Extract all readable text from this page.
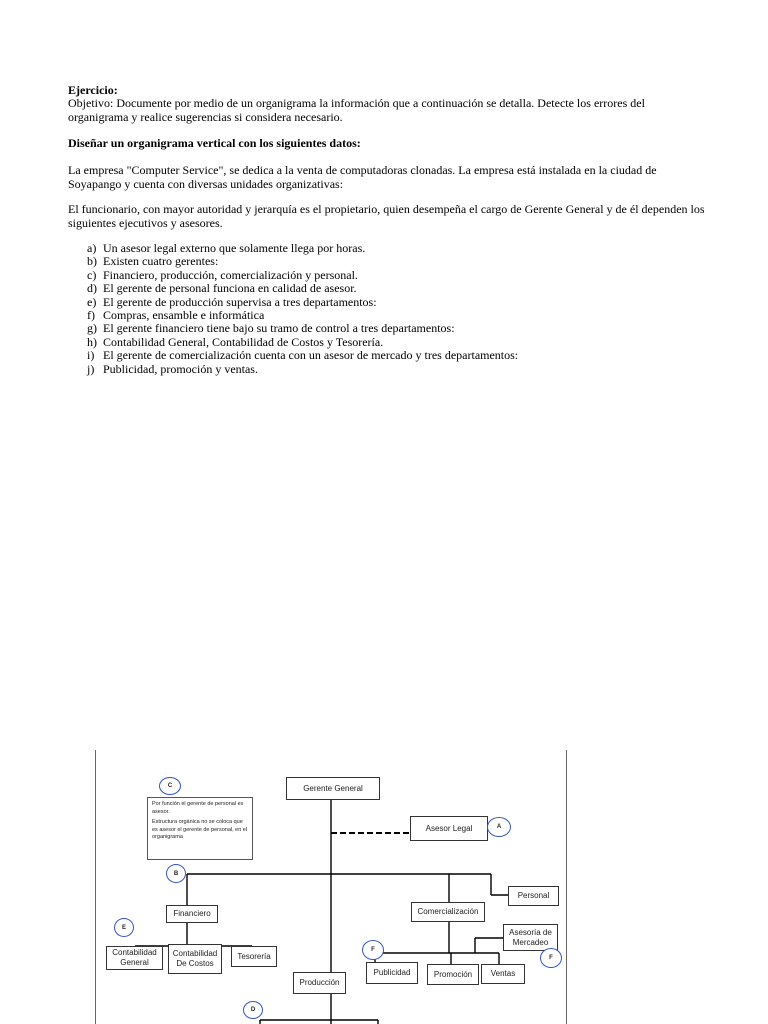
Ejercicio:
Objetivo: Documente por medio de un organigrama la información que a continuación se detalla. Detecte los errores del organigrama y realice sugerencias si considera necesario.
Diseñar un organigrama vertical con los siguientes datos:
La empresa "Computer Service", se dedica a la venta de computadoras clonadas. La empresa está instalada en la ciudad de Soyapango y cuenta con diversas unidades organizativas:
El funcionario, con mayor autoridad y jerarquía es el propietario, quien desempeña el cargo de Gerente General y de él dependen los siguientes ejecutivos y asesores.
a) Un asesor legal externo que solamente llega por horas.
b) Existen cuatro gerentes:
c) Financiero, producción, comercialización y personal.
d) El gerente de personal funciona en calidad de asesor.
e) El gerente de producción supervisa a tres departamentos:
f) Compras, ensamble e informática
g) El gerente financiero tiene bajo su tramo de control a tres departamentos:
h) Contabilidad General, Contabilidad de Costos y Tesorería.
i) El gerente de comercialización cuenta con un asesor de mercado y tres departamentos:
j) Publicidad, promoción y ventas.
Gerente General
Asesor Legal
Personal
Financiero	Comercialización
Asesoría de
Mercadeo
Contabilidad
General
Contabilidad
De Costos
Tesorería
Producción
Publicidad	Promoción	Ventas

Por función el gerente de personal es asesor.

Estructura orgánica no se coloca que es asesor el gerente de personal, en el organigrama

C
A
B
E
F
F
D
